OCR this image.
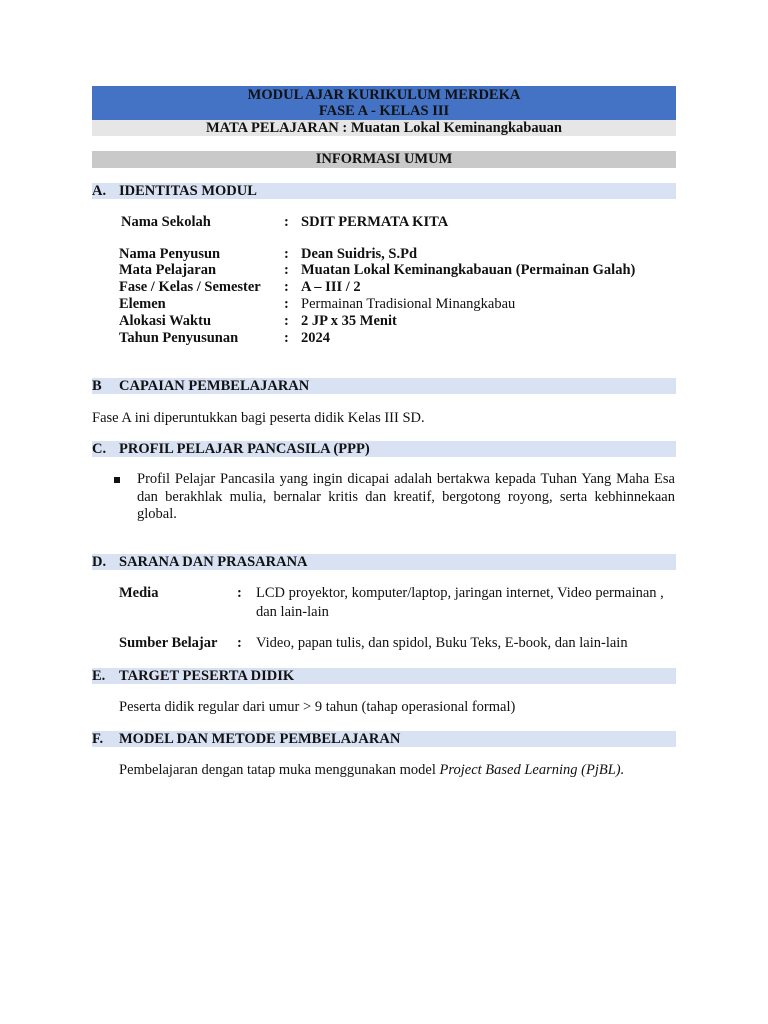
MODUL AJAR KURIKULUM MERDEKA
FASE A - KELAS III
MATA PELAJARAN : Muatan Lokal Keminangkabauan
INFORMASI UMUM
A. IDENTITAS MODUL
Nama Sekolah	: SDIT PERMATA KITA
Nama Penyusun	: Dean Suidris, S.Pd
Mata Pelajaran	: Muatan Lokal Keminangkabauan (Permainan Galah)
Fase / Kelas / Semester : A – III / 2
Elemen	: Permainan Tradisional Minangkabau
Alokasi Waktu	: 2 JP x 35 Menit
Tahun Penyusunan	: 2024
B CAPAIAN PEMBELAJARAN
Fase A ini diperuntukkan bagi peserta didik Kelas III SD.
C. PROFIL PELAJAR PANCASILA (PPP)
Profil Pelajar Pancasila yang ingin dicapai adalah bertakwa kepada Tuhan Yang Maha Esa dan berakhlak mulia, bernalar kritis dan kreatif, bergotong royong, serta kebhinnekaan global.
D. SARANA DAN PRASARANA
Media	: LCD proyektor, komputer/laptop, jaringan internet, Video permainan , dan lain-lain
Sumber Belajar : Video, papan tulis, dan spidol, Buku Teks, E-book, dan lain-lain
E. TARGET PESERTA DIDIK
Peserta didik regular dari umur > 9 tahun (tahap operasional formal)
F. MODEL DAN METODE PEMBELAJARAN
Pembelajaran dengan tatap muka menggunakan model Project Based Learning (PjBL).
